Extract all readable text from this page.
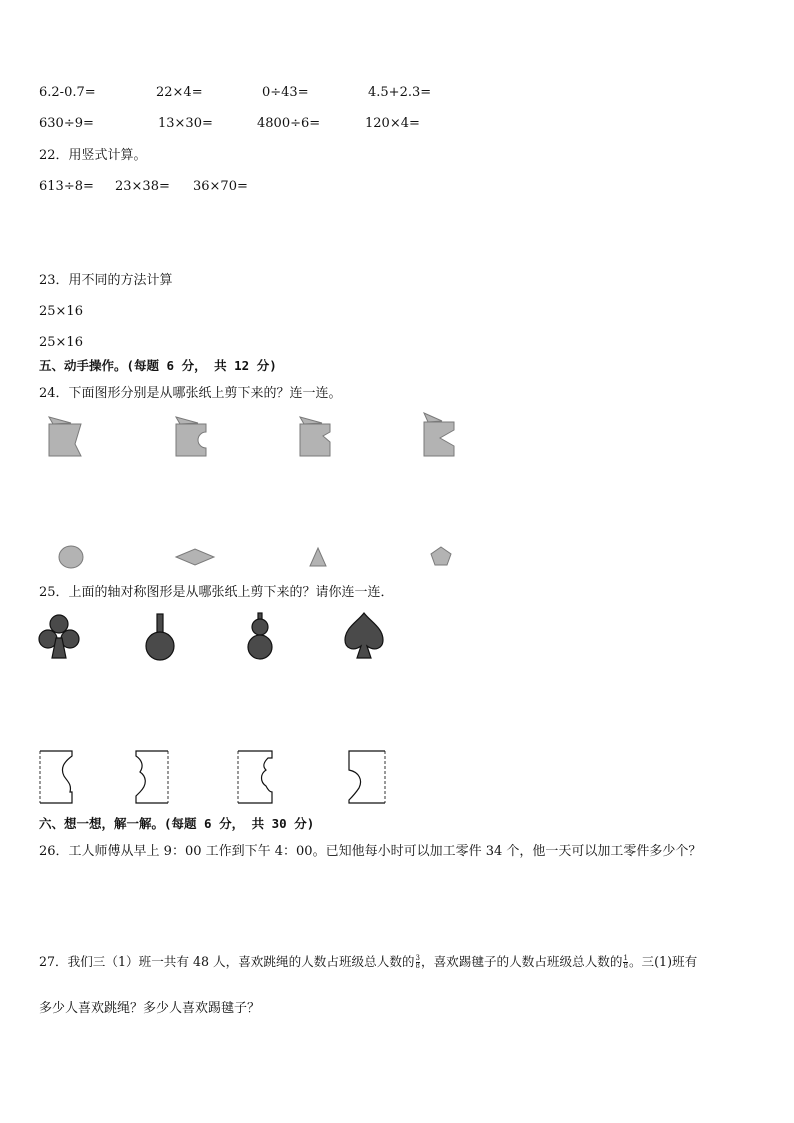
6.2-0.7=	22×4=	0÷43=	4.5+2.3=
630÷9=	13×30=	4800÷6=	120×4=
22．用竖式计算。
613÷8= 23×38= 36×70=
23．用不同的方法计算
25×16
25×16
五、动手操作。(每题 6 分， 共 12 分)
24．下面图形分别是从哪张纸上剪下来的？连一连。
25．上面的轴对称图形是从哪张纸上剪下来的？请你连一连．
六、想一想，解一解。(每题 6 分， 共 30 分)
26．工人师傅从早上 9：00 工作到下午 4：00。已知他每小时可以加工零件 34 个，他一天可以加工零件多少个？
27．我们三（1）班一共有 48 人，喜欢跳绳的人数占班级总人数的 $\frac{3}{8}$ ，喜欢踢毽子的人数占班级总人数的 $\frac{1}{8}$ 。三(1)班有
多少人喜欢跳绳？多少人喜欢踢毽子？
